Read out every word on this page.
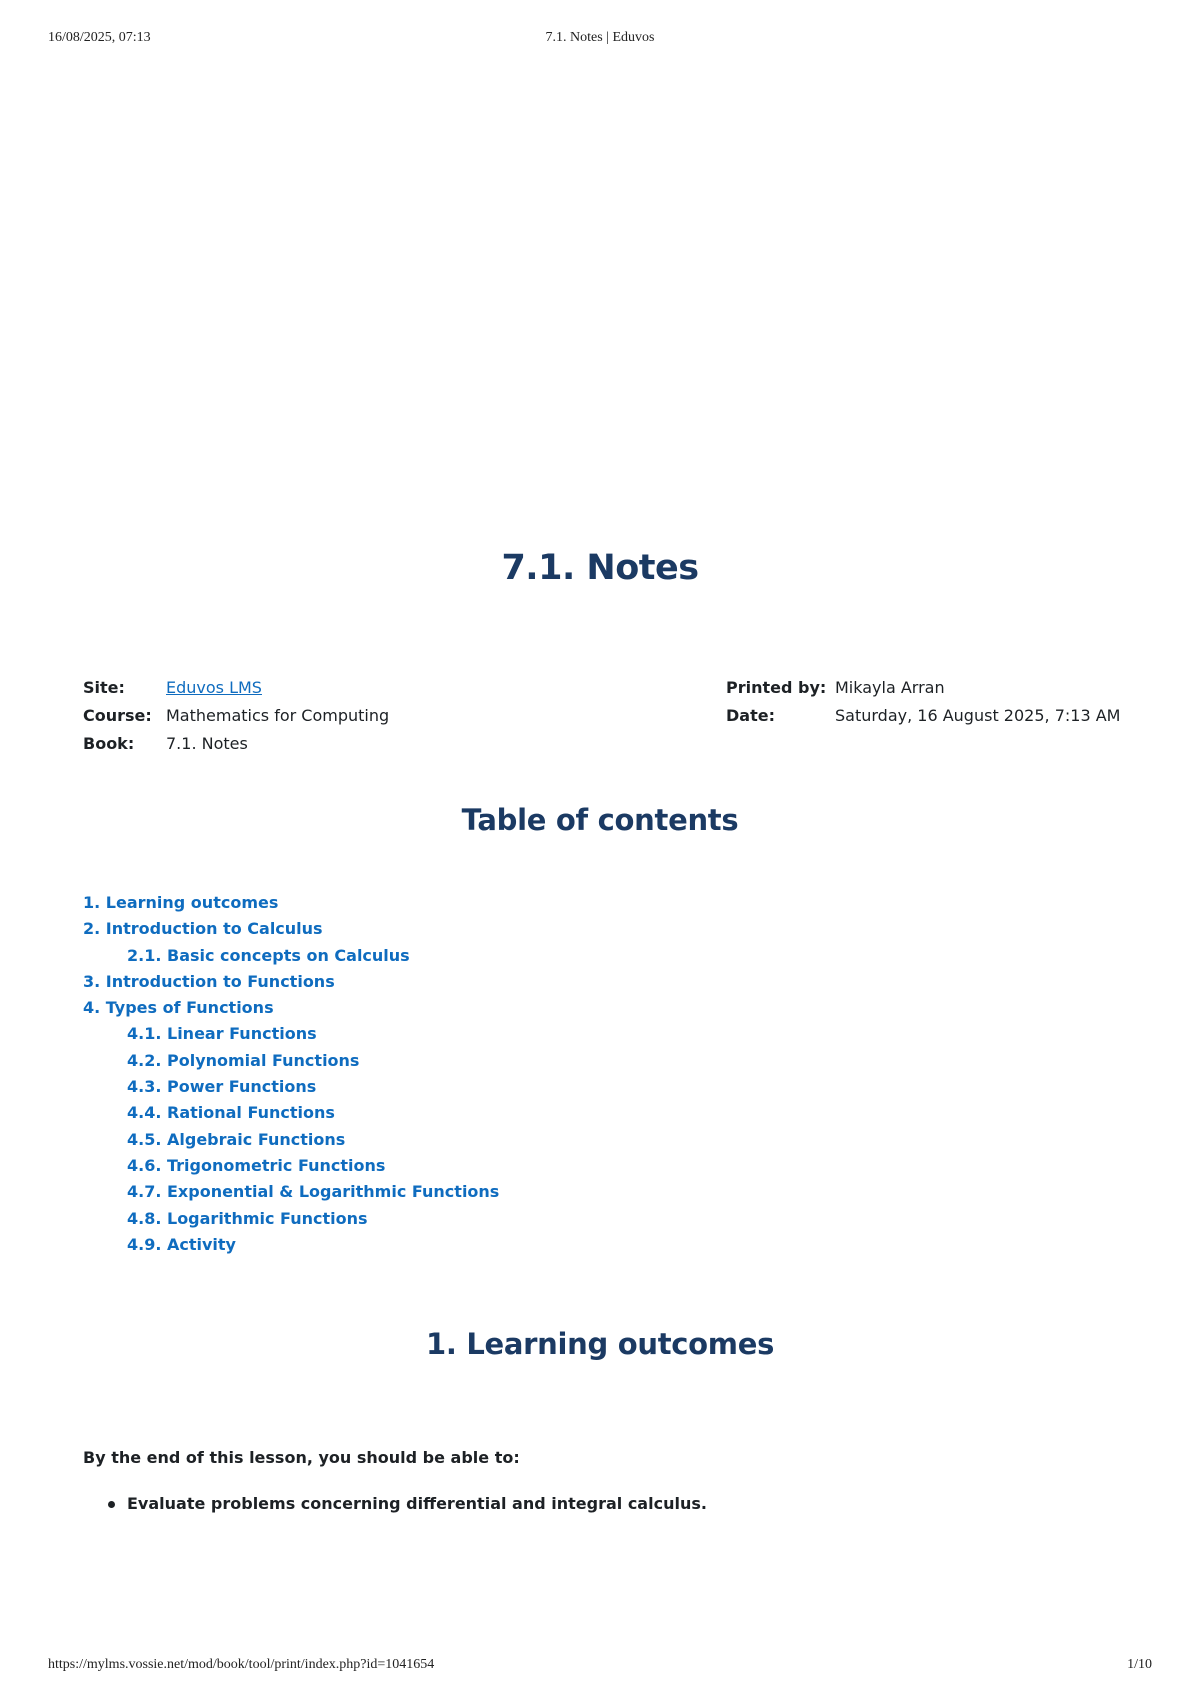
16/08/2025, 07:13	7.1. Notes | Eduvos
7.1. Notes
Site:	Eduvos LMS	Printed by: Mikayla Arran
Course: Mathematics for Computing	Date:	Saturday, 16 August 2025, 7:13 AM
Book: 7.1. Notes
Table of contents
1. Learning outcomes
2. Introduction to Calculus
2.1. Basic concepts on Calculus
3. Introduction to Functions
4. Types of Functions
4.1. Linear Functions
4.2. Polynomial Functions
4.3. Power Functions
4.4. Rational Functions
4.5. Algebraic Functions
4.6. Trigonometric Functions
4.7. Exponential & Logarithmic Functions
4.8. Logarithmic Functions
4.9. Activity
1. Learning outcomes

By the end of this lesson, you should be able to:

Evaluate problems concerning differential and integral calculus.
https://mylms.vossie.net/mod/book/tool/print/index.php?id=1041654	1/10
